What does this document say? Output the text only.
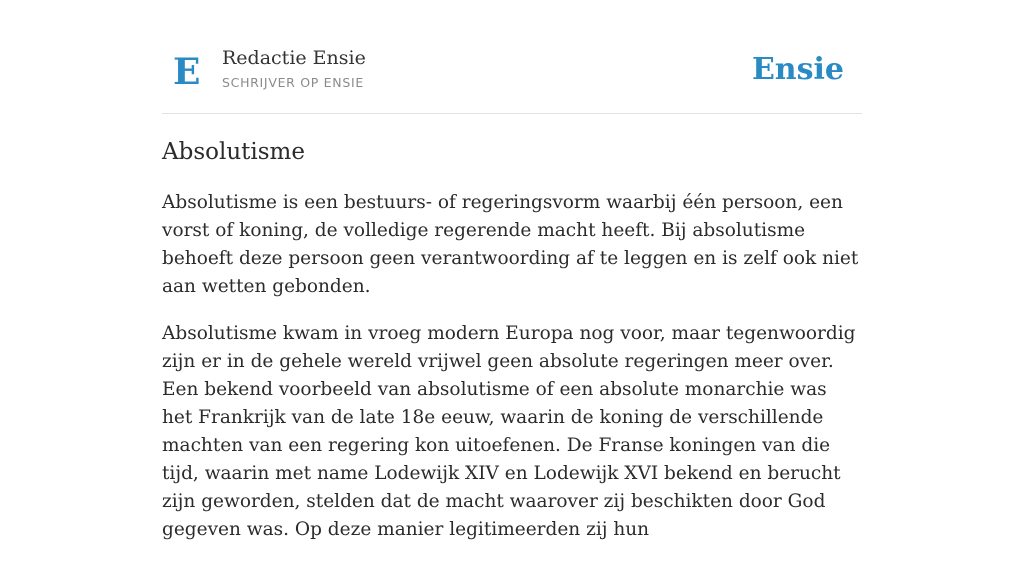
E Redactie Ensie
SCHRIJVER OP ENSIE	Ensie
Absolutisme

Absolutisme is een bestuurs- of regeringsvorm waarbij één persoon, een vorst of koning, de volledige regerende macht heeft. Bij absolutisme behoeft deze persoon geen verantwoording af te leggen en is zelf ook niet aan wetten gebonden.

Absolutisme kwam in vroeg modern Europa nog voor, maar tegenwoordig zijn er in de gehele wereld vrijwel geen absolute regeringen meer over. Een bekend voorbeeld van absolutisme of een absolute monarchie was het Frankrijk van de late 18e eeuw, waarin de koning de verschillende machten van een regering kon uitoefenen. De Franse koningen van die tijd, waarin met name Lodewijk XIV en Lodewijk XVI bekend en berucht zijn geworden, stelden dat de macht waarover zij beschikten door God gegeven was. Op deze manier legitimeerden zij hun
